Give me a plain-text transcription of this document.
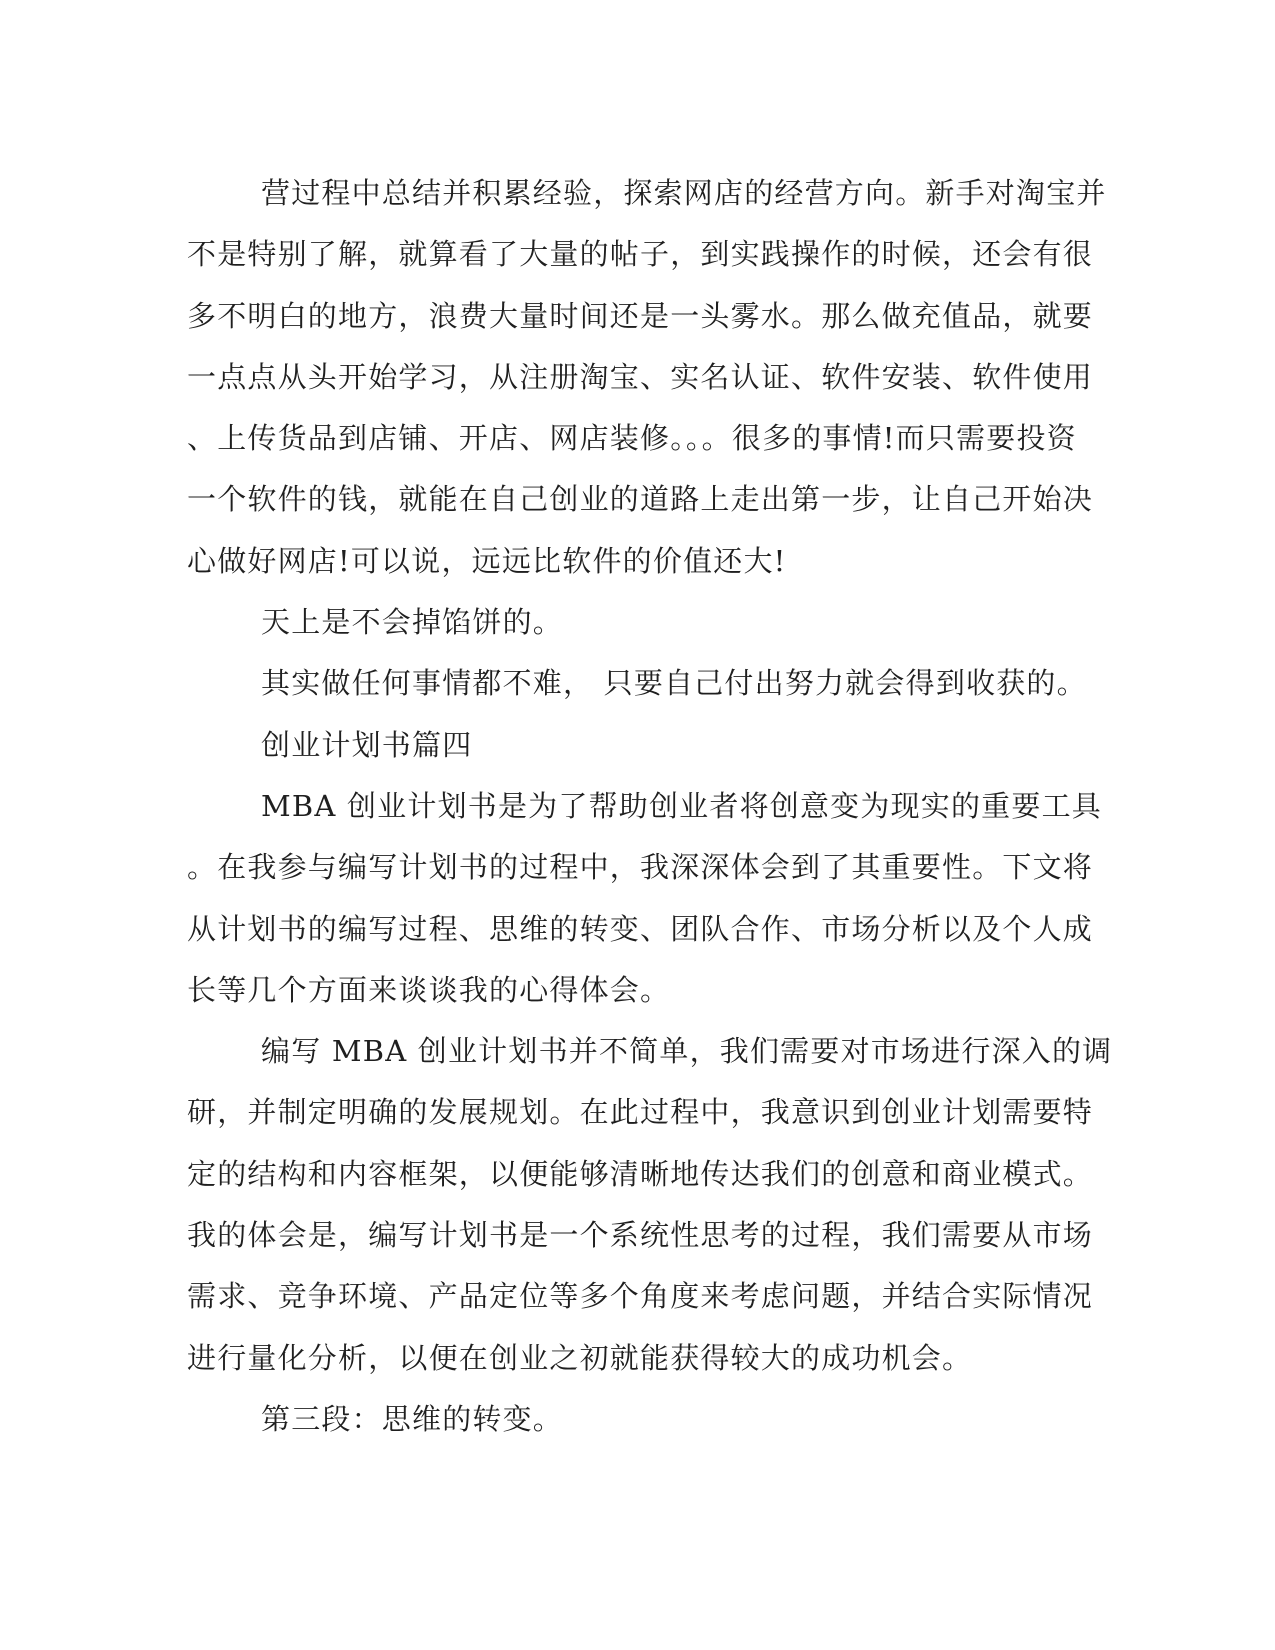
营过程中总结并积累经验，探索网店的经营方向。新手对淘宝并
不是特别了解，就算看了大量的帖子，到实践操作的时候，还会有很
多不明白的地方，浪费大量时间还是一头雾水。那么做充值品，就要
一点点从头开始学习，从注册淘宝、实名认证、软件安装、软件使用
、上传货品到店铺、开店、网店装修。。。很多的事情!而只需要投资
一个软件的钱，就能在自己创业的道路上走出第一步，让自己开始决
心做好网店!可以说，远远比软件的价值还大!
天上是不会掉馅饼的。
其实做任何事情都不难， 只要自己付出努力就会得到收获的。
创业计划书篇四
MBA 创业计划书是为了帮助创业者将创意变为现实的重要工具
。在我参与编写计划书的过程中，我深深体会到了其重要性。下文将
从计划书的编写过程、思维的转变、团队合作、市场分析以及个人成
长等几个方面来谈谈我的心得体会。
编写 MBA 创业计划书并不简单，我们需要对市场进行深入的调
研，并制定明确的发展规划。在此过程中，我意识到创业计划需要特
定的结构和内容框架，以便能够清晰地传达我们的创意和商业模式。
我的体会是，编写计划书是一个系统性思考的过程，我们需要从市场
需求、竞争环境、产品定位等多个角度来考虑问题，并结合实际情况
进行量化分析，以便在创业之初就能获得较大的成功机会。
第三段：思维的转变。
